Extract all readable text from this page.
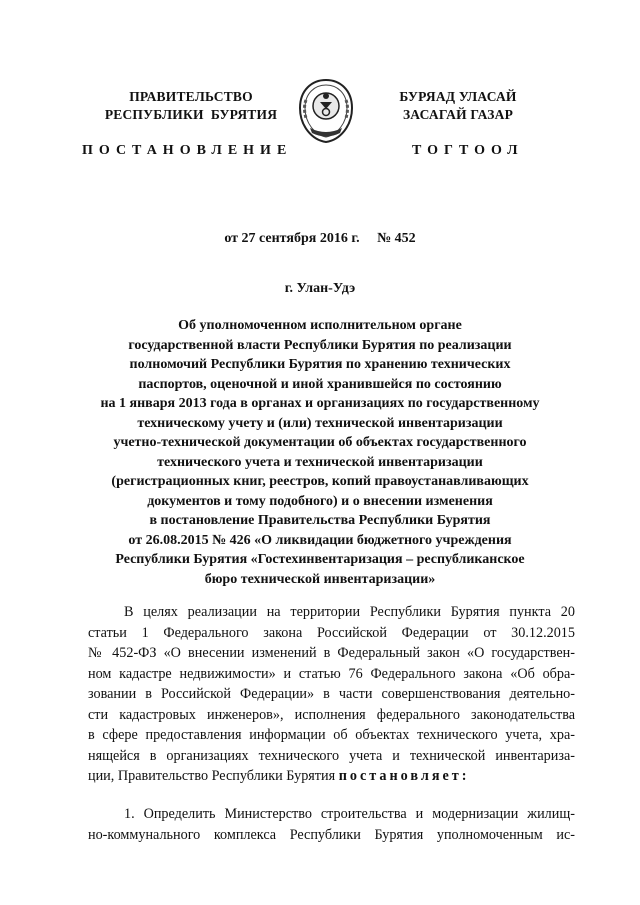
ПРАВИТЕЛЬСТВО
РЕСПУБЛИКИ  БУРЯТИЯ
БУРЯАД УЛАСАЙ
ЗАСАГАЙ ГАЗАР
ПОСТАНОВЛЕНИЕ	ТОГТООЛ
от 27 сентября 2016 г.     № 452
г. Улан-Удэ
Об уполномоченном исполнительном органе
государственной власти Республики Бурятия по реализации
полномочий Республики Бурятия по хранению технических
паспортов, оценочной и иной хранившейся по состоянию
на 1 января 2013 года в органах и организациях по государственному
техническому учету и (или) технической инвентаризации
учетно-технической документации об объектах государственного
технического учета и технической инвентаризации
(регистрационных книг, реестров, копий правоустанавливающих
документов и тому подобного) и о внесении изменения
в постановление Правительства Республики Бурятия
от 26.08.2015 № 426 «О ликвидации бюджетного учреждения
Республики Бурятия «Гостехинвентаризация – республиканское
бюро технической инвентаризации»
В целях реализации на территории Республики Бурятия пункта 20
статьи 1 Федерального закона Российской Федерации от 30.12.2015
№ 452-ФЗ «О внесении изменений в Федеральный закон «О государствен-
ном кадастре недвижимости» и статью 76 Федерального закона «Об обра-
зовании в Российской Федерации» в части совершенствования деятельно-
сти кадастровых инженеров», исполнения федерального законодательства
в сфере предоставления информации об объектах технического учета, хра-
нящейся в организациях технического учета и технической инвентариза-
ции, Правительство Республики Бурятия постановляет:
1. Определить Министерство строительства и модернизации жилищ-
но-коммунального комплекса Республики Бурятия уполномоченным ис-
